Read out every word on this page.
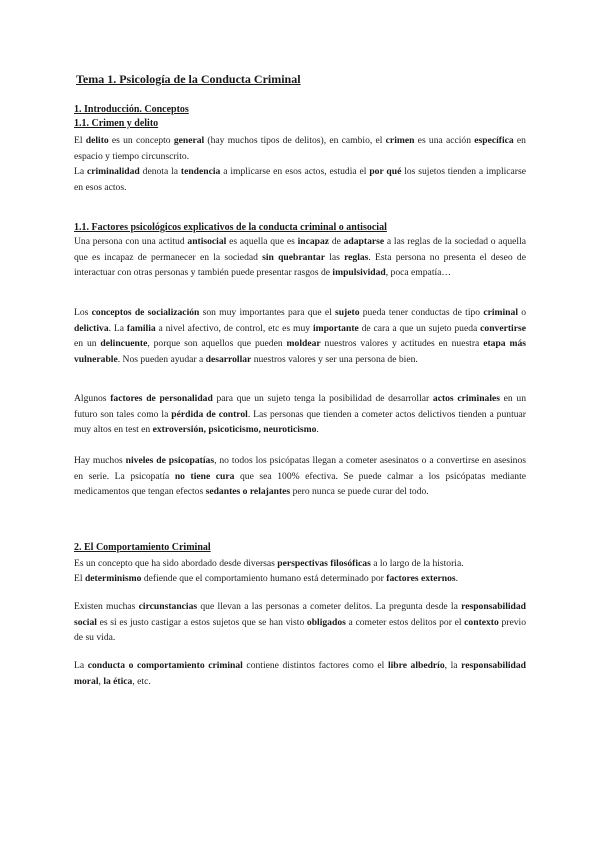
Tema 1. Psicología de la Conducta Criminal
1. Introducción. Conceptos
1.1. Crimen y delito
El delito es un concepto general (hay muchos tipos de delitos), en cambio, el crimen es una acción específica en espacio y tiempo circunscrito.
La criminalidad denota la tendencia a implicarse en esos actos, estudia el por qué los sujetos tienden a implicarse en esos actos.
1.1. Factores psicológicos explicativos de la conducta criminal o antisocial
Una persona con una actitud antisocial es aquella que es incapaz de adaptarse a las reglas de la sociedad o aquella que es incapaz de permanecer en la sociedad sin quebrantar las reglas. Esta persona no presenta el deseo de interactuar con otras personas y también puede presentar rasgos de impulsividad, poca empatía…
Los conceptos de socialización son muy importantes para que el sujeto pueda tener conductas de tipo criminal o delictiva. La familia a nivel afectivo, de control, etc es muy importante de cara a que un sujeto pueda convertirse en un delincuente, porque son aquellos que pueden moldear nuestros valores y actitudes en nuestra etapa más vulnerable. Nos pueden ayudar a desarrollar nuestros valores y ser una persona de bien.
Algunos factores de personalidad para que un sujeto tenga la posibilidad de desarrollar actos criminales en un futuro son tales como la pérdida de control. Las personas que tienden a cometer actos delictivos tienden a puntuar muy altos en test en extroversión, psicoticismo, neuroticismo.
Hay muchos niveles de psicopatías, no todos los psicópatas llegan a cometer asesinatos o a convertirse en asesinos en serie. La psicopatía no tiene cura que sea 100% efectiva. Se puede calmar a los psicópatas mediante medicamentos que tengan efectos sedantes o relajantes pero nunca se puede curar del todo.
2. El Comportamiento Criminal
Es un concepto que ha sido abordado desde diversas perspectivas filosóficas a lo largo de la historia.
El determinismo defiende que el comportamiento humano está determinado por factores externos.
Existen muchas circunstancias que llevan a las personas a cometer delitos. La pregunta desde la responsabilidad social es si es justo castigar a estos sujetos que se han visto obligados a cometer estos delitos por el contexto previo de su vida.
La conducta o comportamiento criminal contiene distintos factores como el libre albedrío, la responsabilidad moral, la ética, etc.
